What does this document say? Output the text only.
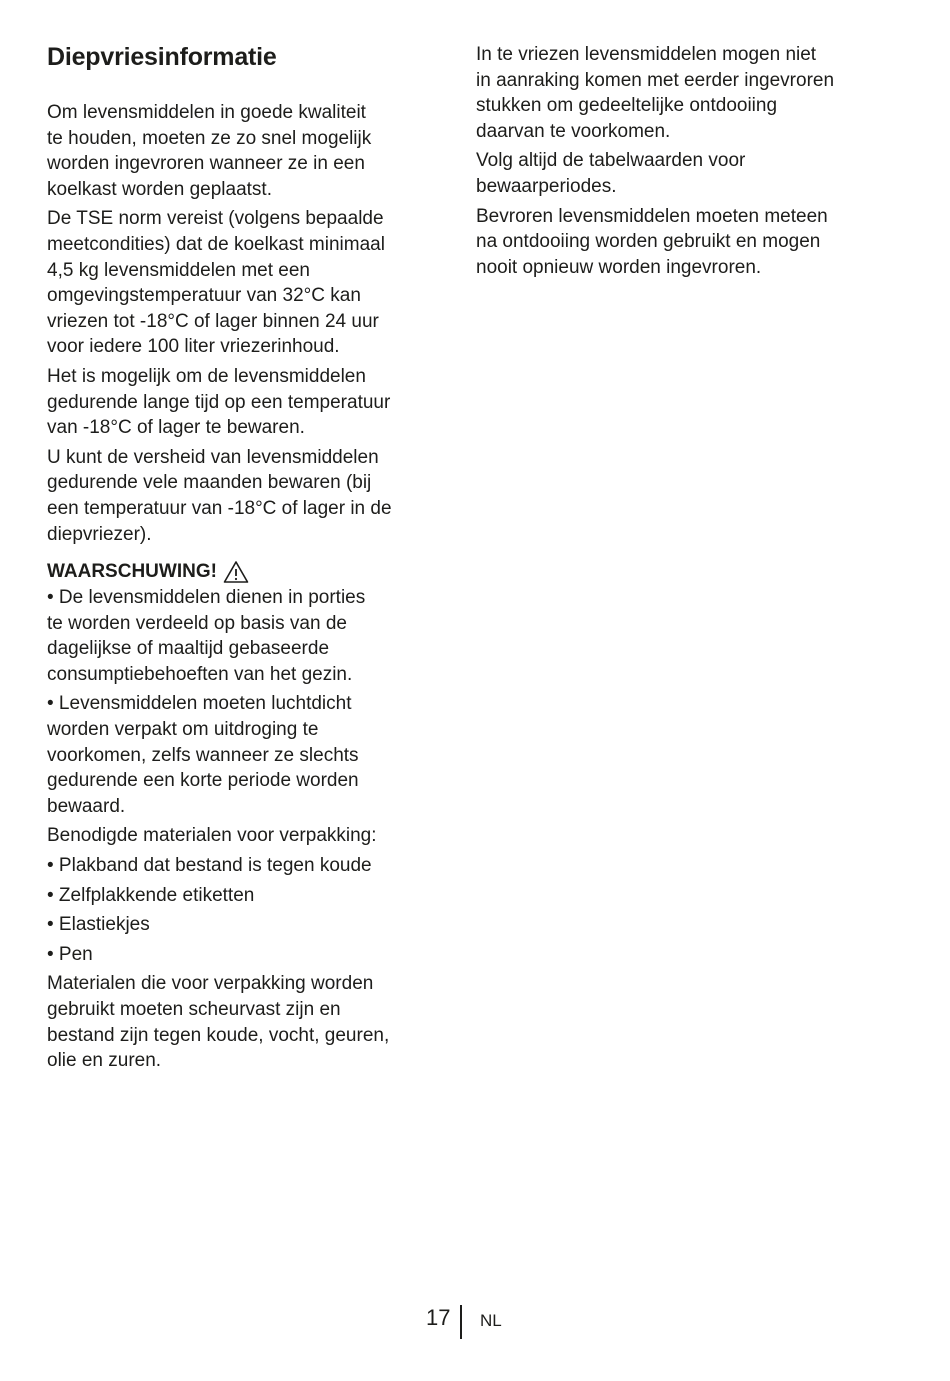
Diepvriesinformatie

Om levensmiddelen in goede kwaliteit
te houden, moeten ze zo snel mogelijk
worden ingevroren wanneer ze in een
koelkast worden geplaatst.

De TSE norm vereist (volgens bepaalde
meetcondities) dat de koelkast minimaal
4,5 kg levensmiddelen met een
omgevingstemperatuur van 32°C kan
vriezen tot -18°C of lager binnen 24 uur
voor iedere 100 liter vriezerinhoud.

Het is mogelijk om de levensmiddelen
gedurende lange tijd op een temperatuur
van -18°C of lager te bewaren.

U kunt de versheid van levensmiddelen
gedurende vele maanden bewaren (bij
een temperatuur van -18°C of lager in de
diepvriezer).

WAARSCHUWING!

• De levensmiddelen dienen in porties
te worden verdeeld op basis van de
dagelijkse of maaltijd gebaseerde
consumptiebehoeften van het gezin.

• Levensmiddelen moeten luchtdicht
worden verpakt om uitdroging te
voorkomen, zelfs wanneer ze slechts
gedurende een korte periode worden
bewaard.

Benodigde materialen voor verpakking:

• Plakband dat bestand is tegen koude

• Zelfplakkende etiketten

• Elastiekjes

• Pen

Materialen die voor verpakking worden
gebruikt moeten scheurvast zijn en
bestand zijn tegen koude, vocht, geuren,
olie en zuren.

In te vriezen levensmiddelen mogen niet
in aanraking komen met eerder ingevroren
stukken om gedeeltelijke ontdooiing
daarvan te voorkomen.

Volg altijd de tabelwaarden voor
bewaarperiodes.

Bevroren levensmiddelen moeten meteen
na ontdooiing worden gebruikt en mogen
nooit opnieuw worden ingevroren.

17 NL
